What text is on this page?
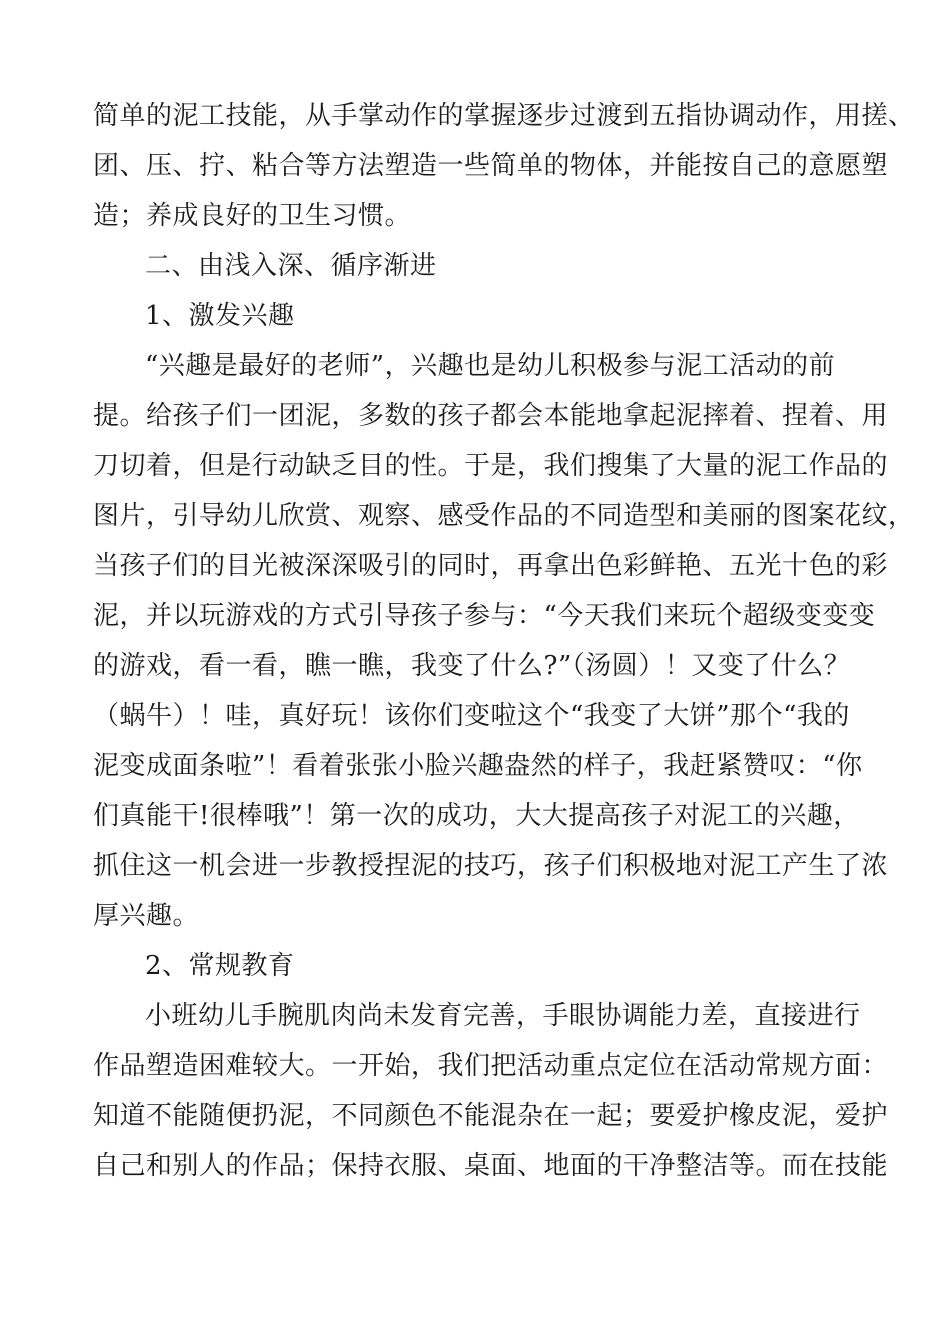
简单的泥工技能，从手掌动作的掌握逐步过渡到五指协调动作，用搓、
团、压、拧、粘合等方法塑造一些简单的物体，并能按自己的意愿塑
造；养成良好的卫生习惯。
二、由浅入深、循序渐进
1、激发兴趣
“兴趣是最好的老师”，兴趣也是幼儿积极参与泥工活动的前
提。给孩子们一团泥，多数的孩子都会本能地拿起泥摔着、捏着、用
刀切着，但是行动缺乏目的性。于是，我们搜集了大量的泥工作品的
图片，引导幼儿欣赏、观察、感受作品的不同造型和美丽的图案花纹，
当孩子们的目光被深深吸引的同时，再拿出色彩鲜艳、五光十色的彩
泥，并以玩游戏的方式引导孩子参与：“今天我们来玩个超级变变变
的游戏，看一看，瞧一瞧，我变了什么?”（汤圆）！又变了什么？
（蜗牛）！哇，真好玩！该你们变啦这个“我变了大饼”那个“我的
泥变成面条啦”！看着张张小脸兴趣盎然的样子，我赶紧赞叹：“你
们真能干!很棒哦”！第一次的成功，大大提高孩子对泥工的兴趣，
抓住这一机会进一步教授捏泥的技巧，孩子们积极地对泥工产生了浓
厚兴趣。
2、常规教育
小班幼儿手腕肌肉尚未发育完善，手眼协调能力差，直接进行
作品塑造困难较大。一开始，我们把活动重点定位在活动常规方面：
知道不能随便扔泥，不同颜色不能混杂在一起；要爱护橡皮泥，爱护
自己和别人的作品；保持衣服、桌面、地面的干净整洁等。而在技能
